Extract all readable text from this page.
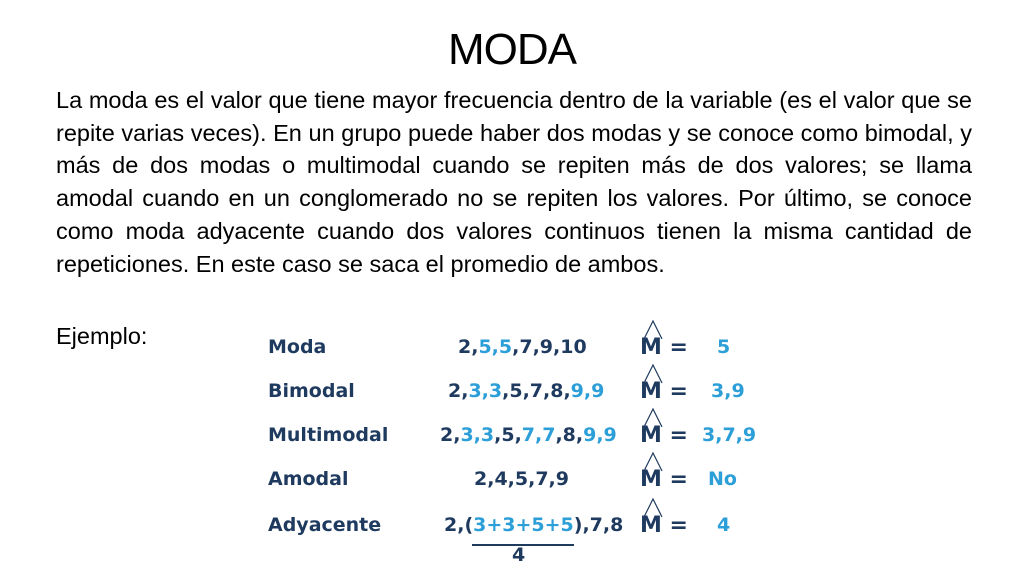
MODA
La moda es el valor que tiene mayor frecuencia dentro de la variable (es el valor que se repite varias veces). En un grupo puede haber dos modas y se conoce como bimodal, y más de dos modas o multimodal cuando se repiten más de dos valores; se llama amodal cuando en un conglomerado no se repiten los valores. Por último, se conoce como moda adyacente cuando dos valores continuos tienen la misma cantidad de repeticiones. En este caso se saca el promedio de ambos.
Ejemplo:	Moda	2,5,5,7,9,10 M = 5
Bimodal	2,3,3,5,7,8,9,9 M = 3,9
Multimodal	2,3,3,5,7,7,8,9,9 M = 3,7,9
Amodal	2,4,5,7,9	M = No
Adyacente	2,(3+3+5+5),7,8 M = 4
4
